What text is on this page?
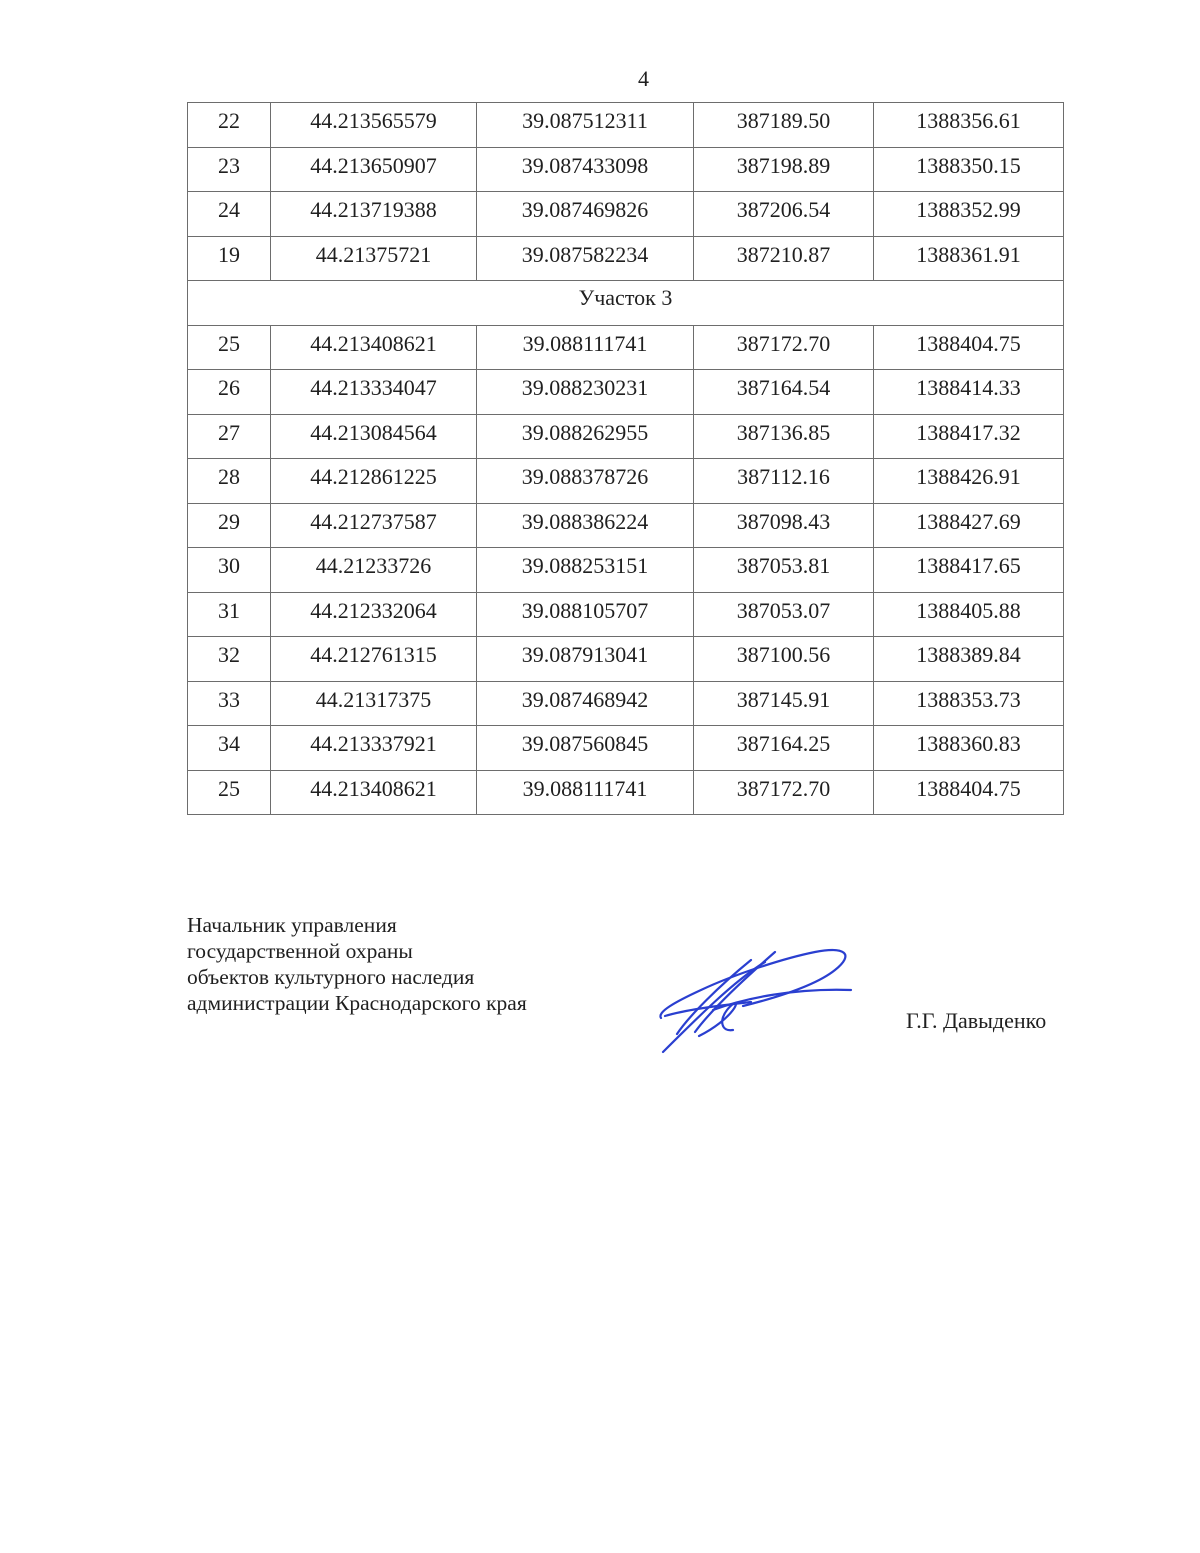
4
22	44.213565579	39.087512311	387189.50	1388356.61
23	44.213650907	39.087433098	387198.89	1388350.15
24	44.213719388	39.087469826	387206.54	1388352.99
19	44.21375721	39.087582234	387210.87	1388361.91
Участок 3				
25	44.213408621	39.088111741	387172.70	1388404.75
26	44.213334047	39.088230231	387164.54	1388414.33
27	44.213084564	39.088262955	387136.85	1388417.32
28	44.212861225	39.088378726	387112.16	1388426.91
29	44.212737587	39.088386224	387098.43	1388427.69
30	44.21233726	39.088253151	387053.81	1388417.65
31	44.212332064	39.088105707	387053.07	1388405.88
32	44.212761315	39.087913041	387100.56	1388389.84
33	44.21317375	39.087468942	387145.91	1388353.73
34	44.213337921	39.087560845	387164.25	1388360.83
25	44.213408621	39.088111741	387172.70	1388404.75
Начальник управления
государственной охраны
объектов культурного наследия
администрации Краснодарского края
Г.Г. Давыденко
